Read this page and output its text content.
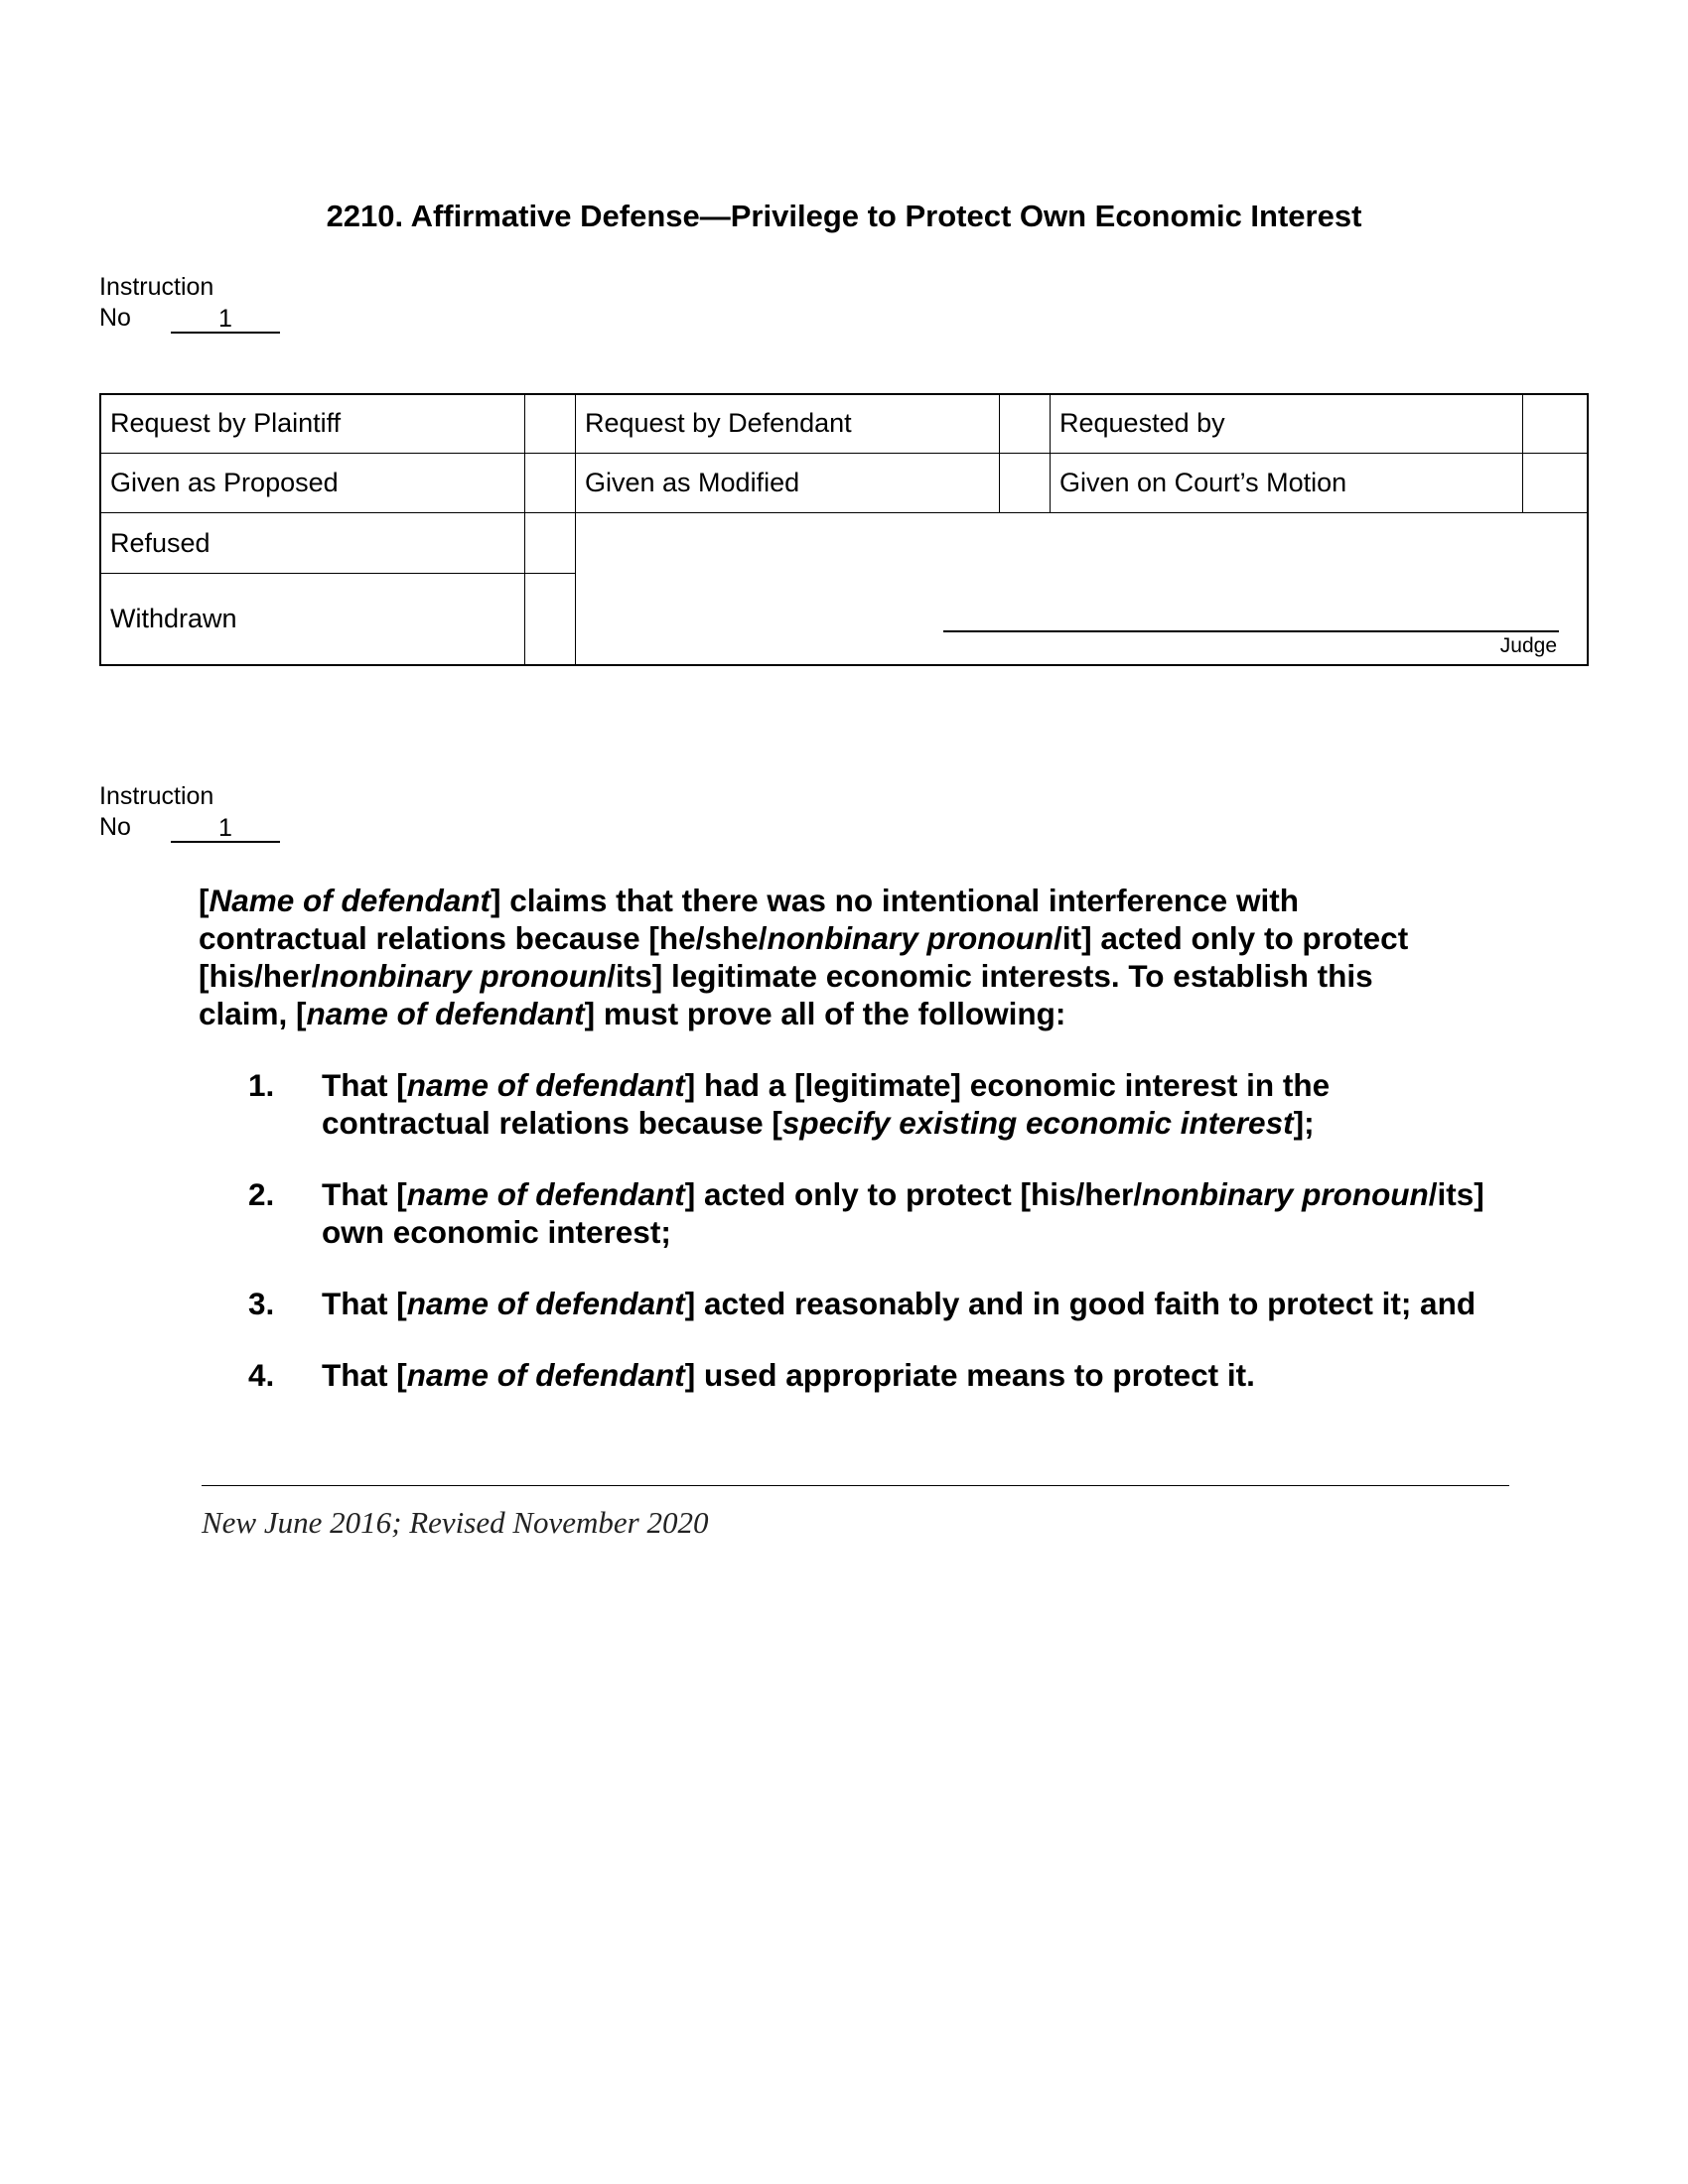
2210. Affirmative Defense—Privilege to Protect Own Economic Interest
Instruction
No	1
Request by Plaintiff		Request by Defendant		Requested by	
Given as Proposed		Given as Modified		Given on Court’s Motion	
Refused		Judge			

Withdrawn					
Instruction
No	1

[Name of defendant] claims that there was no intentional interference with contractual relations because [he/she/nonbinary pronoun/it] acted only to protect [his/her/nonbinary pronoun/its] legitimate economic interests. To establish this claim, [name of defendant] must prove all of the following:

1.	That [name of defendant] had a [legitimate] economic interest in the contractual relations because [specify existing economic interest];
2.	That [name of defendant] acted only to protect [his/her/nonbinary pronoun/its] own economic interest;
3.	That [name of defendant] acted reasonably and in good faith to protect it; and
4.	That [name of defendant] used appropriate means to protect it.
New June 2016; Revised November 2020
